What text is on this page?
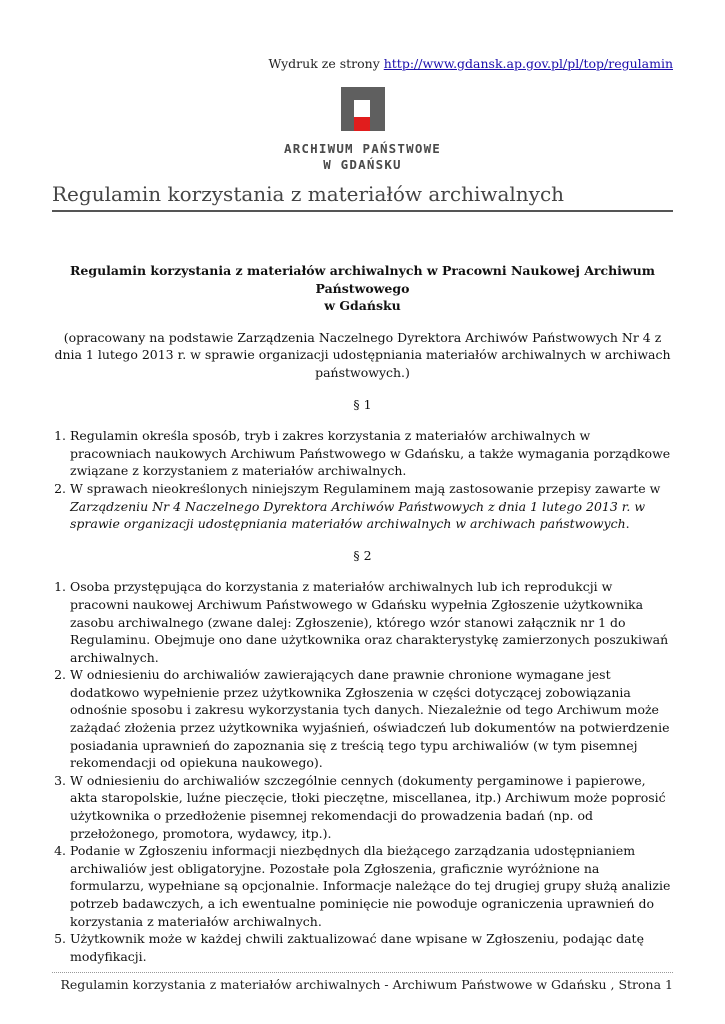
Wydruk ze strony http://www.gdansk.ap.gov.pl/pl/top/regulamin
ARCHIWUM PAŃSTWOWE
W GDAŃSKU
Regulamin korzystania z materiałów archiwalnych

Regulamin korzystania z materiałów archiwalnych w Pracowni Naukowej Archiwum
Państwowego
w Gdańsku

(opracowany na podstawie Zarządzenia Naczelnego Dyrektora Archiwów Państwowych Nr 4 z dnia 1 lutego 2013 r. w sprawie organizacji udostępniania materiałów archiwalnych w archiwach państwowych.)

§ 1

1. Regulamin określa sposób, tryb i zakres korzystania z materiałów archiwalnych w pracowniach naukowych Archiwum Państwowego w Gdańsku, a także wymagania porządkowe związane z korzystaniem z materiałów archiwalnych.
2. W sprawach nieokreślonych niniejszym Regulaminem mają zastosowanie przepisy zawarte w Zarządzeniu Nr 4 Naczelnego Dyrektora Archiwów Państwowych z dnia 1 lutego 2013 r. w sprawie organizacji udostępniania materiałów archiwalnych w archiwach państwowych.

§ 2

1. Osoba przystępująca do korzystania z materiałów archiwalnych lub ich reprodukcji w pracowni naukowej Archiwum Państwowego w Gdańsku wypełnia Zgłoszenie użytkownika zasobu archiwalnego (zwane dalej: Zgłoszenie), którego wzór stanowi załącznik nr 1 do Regulaminu. Obejmuje ono dane użytkownika oraz charakterystykę zamierzonych poszukiwań archiwalnych.
2. W odniesieniu do archiwaliów zawierających dane prawnie chronione wymagane jest dodatkowo wypełnienie przez użytkownika Zgłoszenia w części dotyczącej zobowiązania odnośnie sposobu i zakresu wykorzystania tych danych. Niezależnie od tego Archiwum może zażądać złożenia przez użytkownika wyjaśnień, oświadczeń lub dokumentów na potwierdzenie posiadania uprawnień do zapoznania się z treścią tego typu archiwaliów (w tym pisemnej rekomendacji od opiekuna naukowego).
3. W odniesieniu do archiwaliów szczególnie cennych (dokumenty pergaminowe i papierowe, akta staropolskie, luźne pieczęcie, tłoki pieczętne, miscellanea, itp.) Archiwum może poprosić użytkownika o przedłożenie pisemnej rekomendacji do prowadzenia badań (np. od przełożonego, promotora, wydawcy, itp.).
4. Podanie w Zgłoszeniu informacji niezbędnych dla bieżącego zarządzania udostępnianiem archiwaliów jest obligatoryjne. Pozostałe pola Zgłoszenia, graficznie wyróżnione na formularzu, wypełniane są opcjonalnie. Informacje należące do tej drugiej grupy służą analizie potrzeb badawczych, a ich ewentualne pominięcie nie powoduje ograniczenia uprawnień do korzystania z materiałów archiwalnych.
5. Użytkownik może w każdej chwili zaktualizować dane wpisane w Zgłoszeniu, podając datę modyfikacji.
Regulamin korzystania z materiałów archiwalnych - Archiwum Państwowe w Gdańsku , Strona 1
